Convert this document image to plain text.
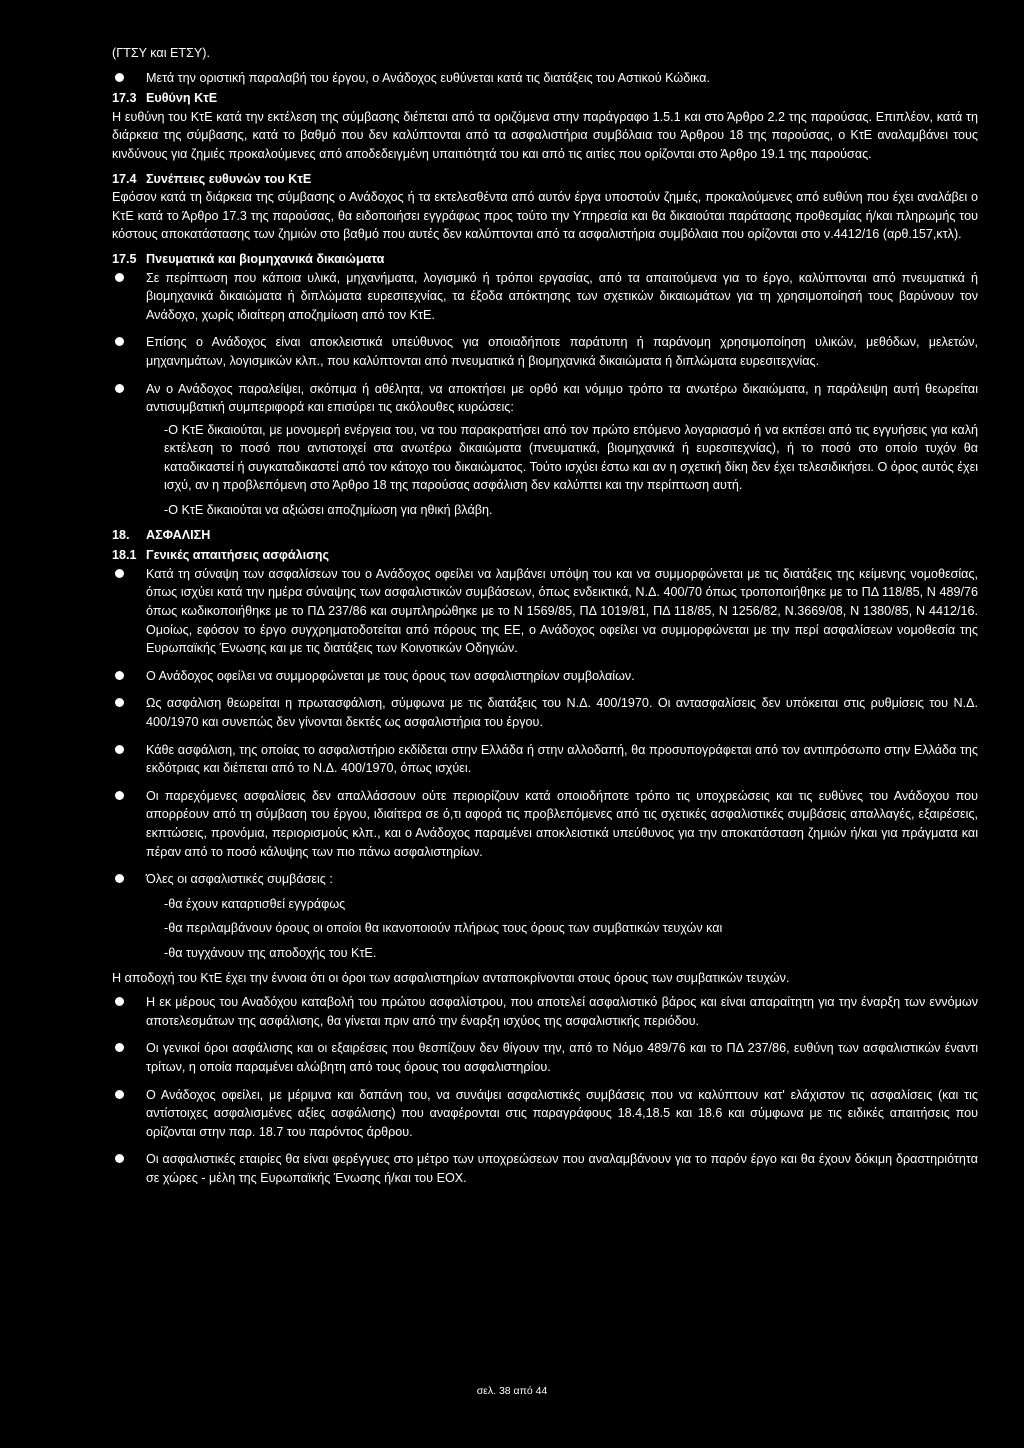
(ΓΤΣΥ και ΕΤΣΥ).

Μετά την οριστική παραλαβή του έργου, ο Ανάδοχος ευθύνεται κατά τις διατάξεις του Αστικού Κώδικα.

17.3 Ευθύνη ΚτΕ

Η ευθύνη του ΚτΕ κατά την εκτέλεση της σύμβασης διέπεται από τα οριζόμενα στην παράγραφο 1.5.1 και στο Άρθρο 2.2 της παρούσας. Επιπλέον, κατά τη διάρκεια της σύμβασης, κατά το βαθμό που δεν καλύπτονται από τα ασφαλιστήρια συμβόλαια του Άρθρου 18 της παρούσας, ο ΚτΕ αναλαμβάνει τους κινδύνους για ζημιές προκαλούμενες από αποδεδειγμένη υπαιτιότητά του και από τις αιτίες που ορίζονται στο Άρθρο 19.1 της παρούσας.

17.4 Συνέπειες ευθυνών του ΚτΕ

Εφόσον κατά τη διάρκεια της σύμβασης ο Ανάδοχος ή τα εκτελεσθέντα από αυτόν έργα υποστούν ζημιές, προκαλούμενες από ευθύνη που έχει αναλάβει ο ΚτΕ κατά το Άρθρο 17.3 της παρούσας, θα ειδοποιήσει εγγράφως προς τούτο την Υπηρεσία και θα δικαιούται παράτασης προθεσμίας ή/και πληρωμής του κόστους αποκατάστασης των ζημιών στο βαθμό που αυτές δεν καλύπτονται από τα ασφαλιστήρια συμβόλαια που ορίζονται στο ν.4412/16 (αρθ.157,κτλ).

17.5 Πνευματικά και βιομηχανικά δικαιώματα

Σε περίπτωση που κάποια υλικά, μηχανήματα, λογισμικό ή τρόποι εργασίας, από τα απαιτούμενα για το έργο, καλύπτονται από πνευματικά ή βιομηχανικά δικαιώματα ή διπλώματα ευρεσιτεχνίας, τα έξοδα απόκτησης των σχετικών δικαιωμάτων για τη χρησιμοποίησή τους βαρύνουν τον Ανάδοχο, χωρίς ιδιαίτερη αποζημίωση από τον ΚτΕ.

Επίσης ο Ανάδοχος είναι αποκλειστικά υπεύθυνος για οποιαδήποτε παράτυπη ή παράνομη χρησιμοποίηση υλικών, μεθόδων, μελετών, μηχανημάτων, λογισμικών κλπ., που καλύπτονται από πνευματικά ή βιομηχανικά δικαιώματα ή διπλώματα ευρεσιτεχνίας.

Αν ο Ανάδοχος παραλείψει, σκόπιμα ή αθέλητα, να αποκτήσει με ορθό και νόμιμο τρόπο τα ανωτέρω δικαιώματα, η παράλειψη αυτή θεωρείται αντισυμβατική συμπεριφορά και επισύρει τις ακόλουθες κυρώσεις:

-Ο ΚτΕ δικαιούται, με μονομερή ενέργεια του, να του παρακρατήσει από τον πρώτο επόμενο λογαριασμό ή να εκπέσει από τις εγγυήσεις για καλή εκτέλεση το ποσό που αντιστοιχεί στα ανωτέρω δικαιώματα (πνευματικά, βιομηχανικά ή ευρεσιτεχνίας), ή το ποσό στο οποίο τυχόν θα καταδικαστεί ή συγκαταδικαστεί από τον κάτοχο του δικαιώματος. Τούτο ισχύει έστω και αν η σχετική δίκη δεν έχει τελεσιδικήσει. Ο όρος αυτός έχει ισχύ, αν η προβλεπόμενη στο Άρθρο 18 της παρούσας ασφάλιση δεν καλύπτει και την περίπτωση αυτή.

-Ο ΚτΕ δικαιούται να αξιώσει αποζημίωση για ηθική βλάβη.

18. ΑΣΦΑΛΙΣΗ

18.1 Γενικές απαιτήσεις ασφάλισης

Κατά τη σύναψη των ασφαλίσεων του ο Ανάδοχος οφείλει να λαμβάνει υπόψη του και να συμμορφώνεται με τις διατάξεις της κείμενης νομοθεσίας, όπως ισχύει κατά την ημέρα σύναψης των ασφαλιστικών συμβάσεων, όπως ενδεικτικά, Ν.Δ. 400/70 όπως τροποποιήθηκε με το ΠΔ 118/85, Ν 489/76 όπως κωδικοποιήθηκε με το ΠΔ 237/86 και συμπληρώθηκε με το Ν 1569/85, ΠΔ 1019/81, ΠΔ 118/85, Ν 1256/82, Ν.3669/08, Ν 1380/85, Ν 4412/16. Ομοίως, εφόσον το έργο συγχρηματοδοτείται από πόρους της ΕΕ, ο Ανάδοχος οφείλει να συμμορφώνεται με την περί ασφαλίσεων νομοθεσία της Ευρωπαϊκής Ένωσης και με τις διατάξεις των Κοινοτικών Οδηγιών.

Ο Ανάδοχος οφείλει να συμμορφώνεται με τους όρους των ασφαλιστηρίων συμβολαίων.

Ως ασφάλιση θεωρείται η πρωτασφάλιση, σύμφωνα με τις διατάξεις του Ν.Δ. 400/1970. Οι αντασφαλίσεις δεν υπόκειται στις ρυθμίσεις του Ν.Δ. 400/1970 και συνεπώς δεν γίνονται δεκτές ως ασφαλιστήρια του έργου.

Κάθε ασφάλιση, της οποίας το ασφαλιστήριο εκδίδεται στην Ελλάδα ή στην αλλοδαπή, θα προσυπογράφεται από τον αντιπρόσωπο στην Ελλάδα της εκδότριας και διέπεται από το Ν.Δ. 400/1970, όπως ισχύει.

Οι παρεχόμενες ασφαλίσεις δεν απαλλάσσουν ούτε περιορίζουν κατά οποιοδήποτε τρόπο τις υποχρεώσεις και τις ευθύνες του Ανάδοχου που απορρέουν από τη σύμβαση του έργου, ιδιαίτερα σε ό,τι αφορά τις προβλεπόμενες από τις σχετικές ασφαλιστικές συμβάσεις απαλλαγές, εξαιρέσεις, εκπτώσεις, προνόμια, περιορισμούς κλπ., και ο Ανάδοχος παραμένει αποκλειστικά υπεύθυνος για την αποκατάσταση ζημιών ή/και για πράγματα και πέραν από το ποσό κάλυψης των πιο πάνω ασφαλιστηρίων.

Όλες οι ασφαλιστικές συμβάσεις :

-θα έχουν καταρτισθεί εγγράφως

-θα περιλαμβάνουν όρους οι οποίοι θα ικανοποιούν πλήρως τους όρους των συμβατικών τευχών και

-θα τυγχάνουν της αποδοχής του ΚτΕ.

Η αποδοχή του ΚτΕ έχει την έννοια ότι οι όροι των ασφαλιστηρίων ανταποκρίνονται στους όρους των συμβατικών τευχών.

Η εκ μέρους του Αναδόχου καταβολή του πρώτου ασφαλίστρου, που αποτελεί ασφαλιστικό βάρος και είναι απαραίτητη για την έναρξη των εννόμων αποτελεσμάτων της ασφάλισης, θα γίνεται πριν από την έναρξη ισχύος της ασφαλιστικής περιόδου.

Οι γενικοί όροι ασφάλισης και οι εξαιρέσεις που θεσπίζουν δεν θίγουν την, από το Νόμο 489/76 και το ΠΔ 237/86, ευθύνη των ασφαλιστικών έναντι τρίτων, η οποία παραμένει αλώβητη από τους όρους του ασφαλιστηρίου.

Ο Ανάδοχος οφείλει, με μέριμνα και δαπάνη του, να συνάψει ασφαλιστικές συμβάσεις που να καλύπτουν κατ' ελάχιστον τις ασφαλίσεις (και τις αντίστοιχες ασφαλισμένες αξίες ασφάλισης) που αναφέρονται στις παραγράφους 18.4,18.5 και 18.6 και σύμφωνα με τις ειδικές απαιτήσεις που ορίζονται στην παρ. 18.7 του παρόντος άρθρου.

Οι ασφαλιστικές εταιρίες θα είναι φερέγγυες στο μέτρο των υποχρεώσεων που αναλαμβάνουν για το παρόν έργο και θα έχουν δόκιμη δραστηριότητα σε χώρες - μέλη της Ευρωπαϊκής Ένωσης ή/και του ΕΟΧ.

σελ. 38 από 44
